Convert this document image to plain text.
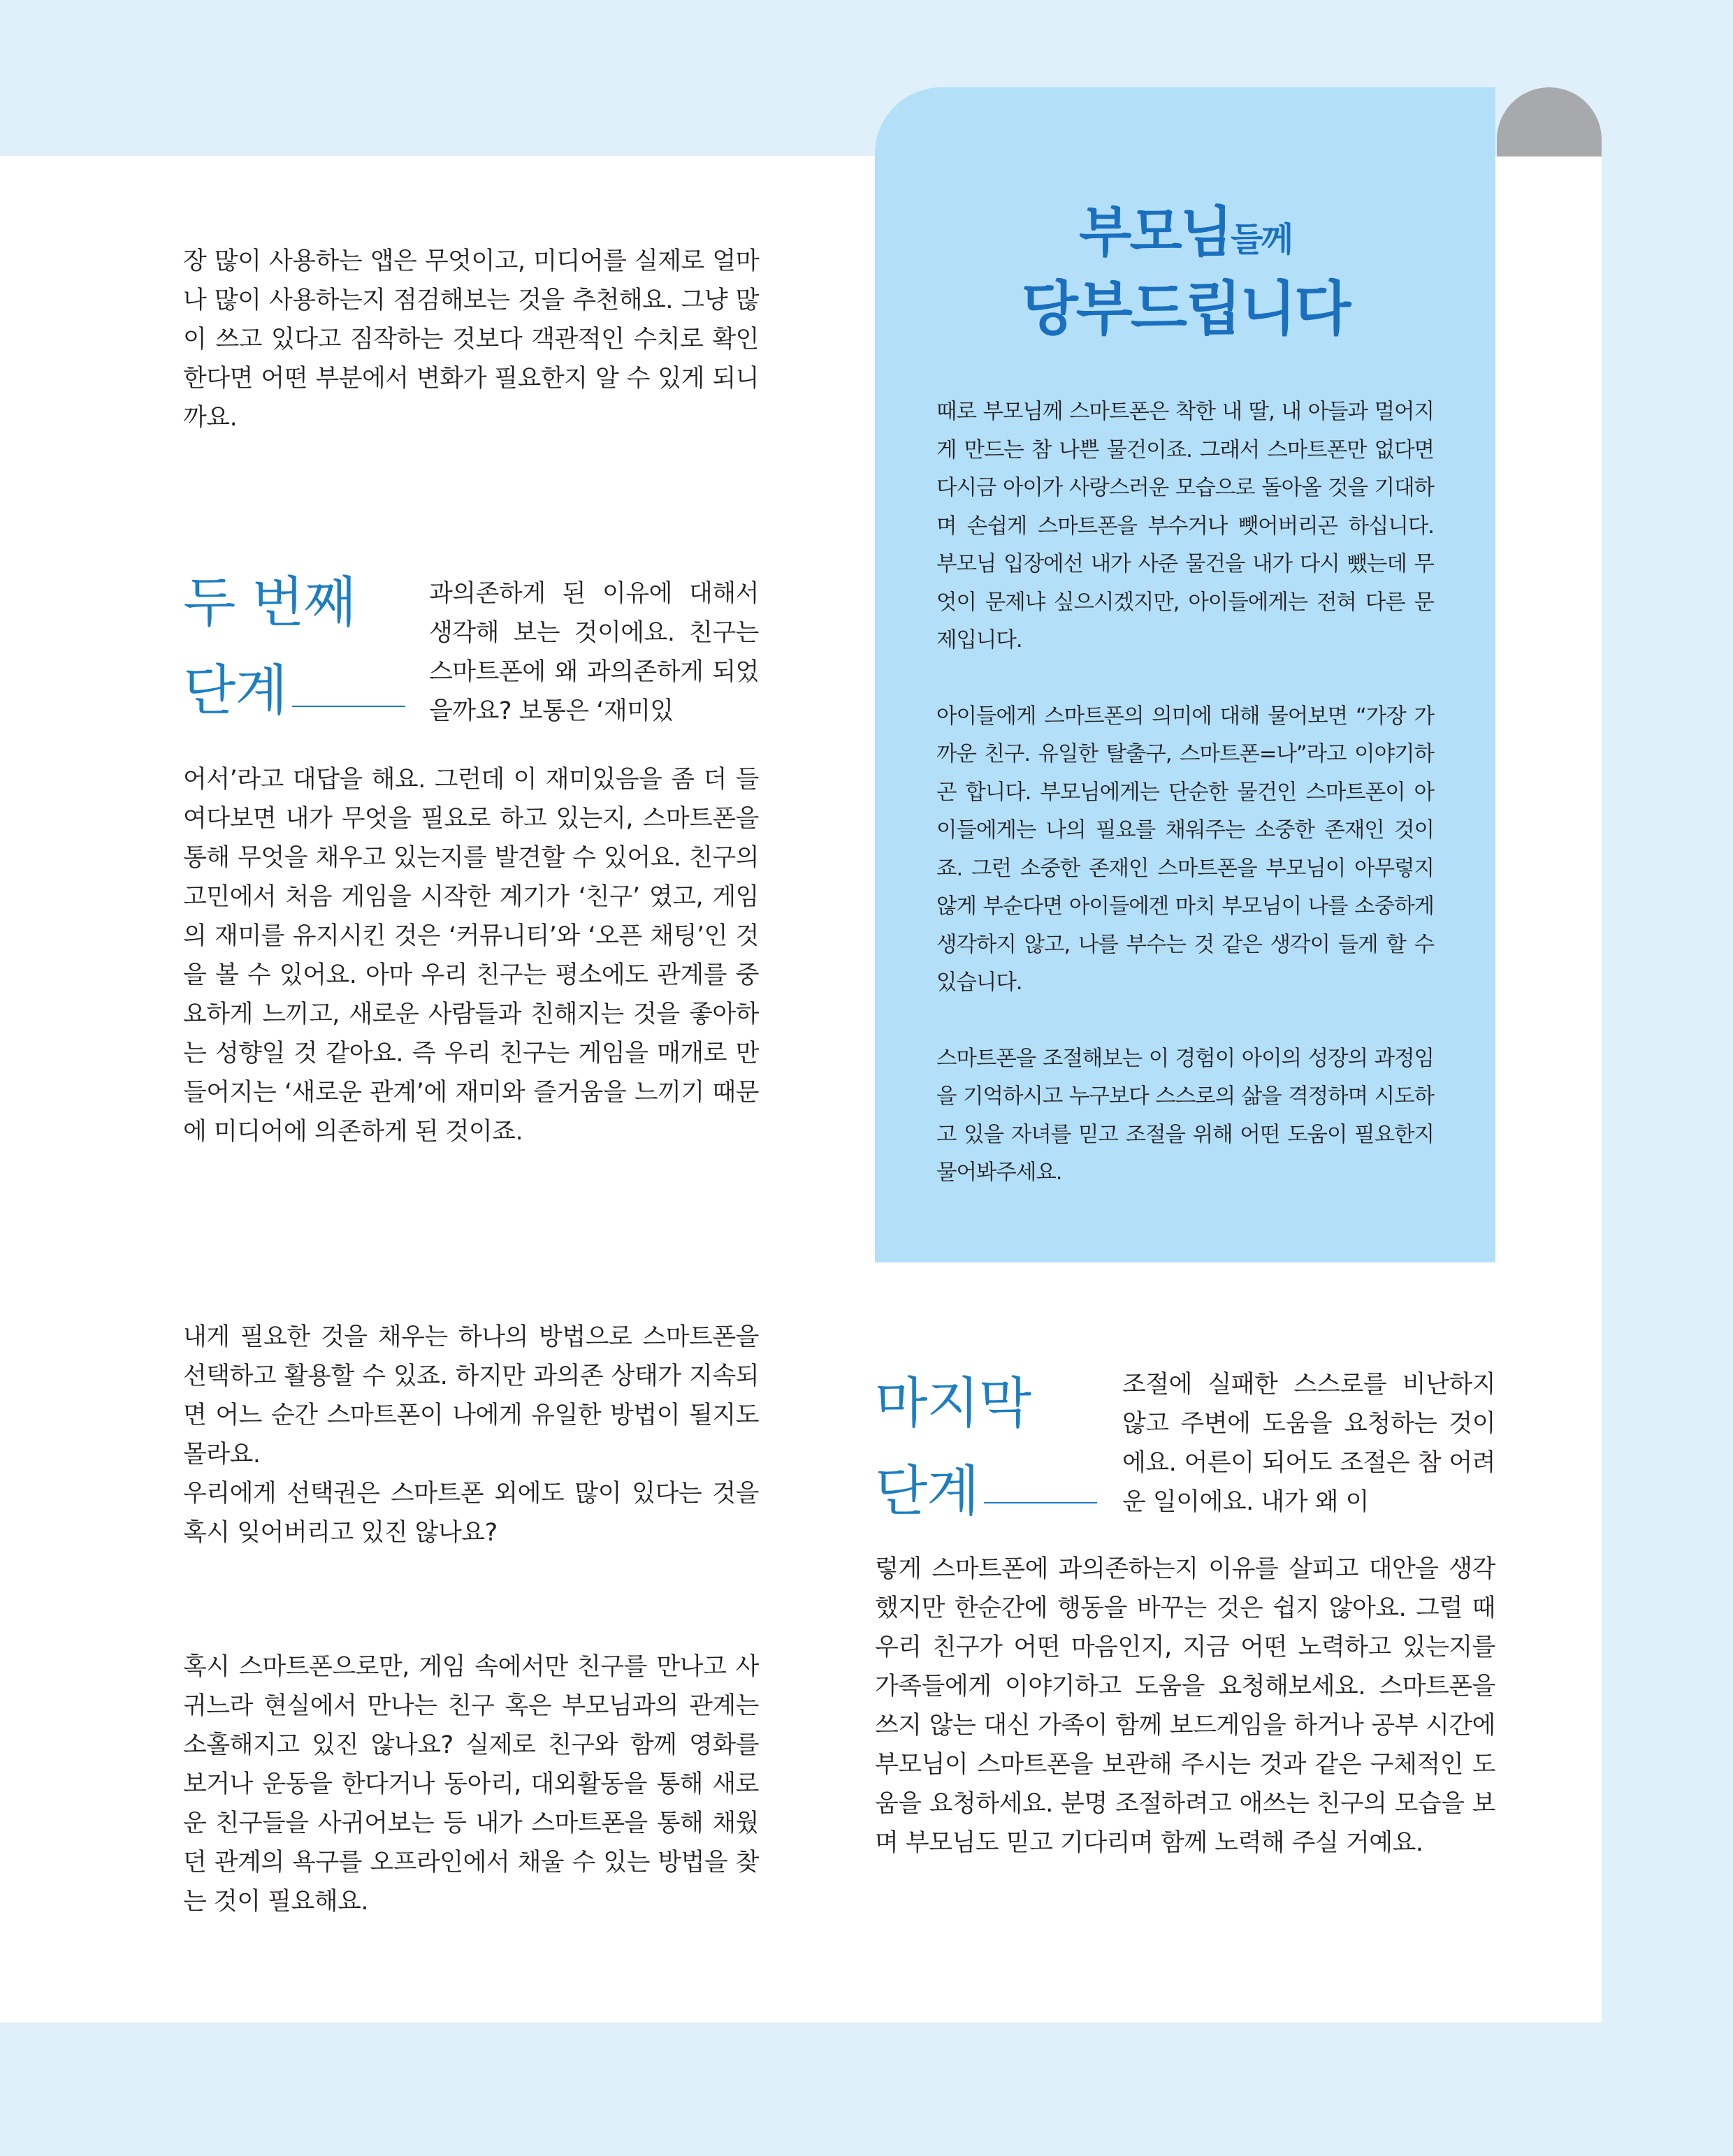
부모님들께
당부드립니다

때로 부모님께 스마트폰은 착한 내 딸, 내 아들과 멀어지게 만드는 참 나쁜 물건이죠. 그래서 스마트폰만 없다면 다시금 아이가 사랑스러운 모습으로 돌아올 것을 기대하며 손쉽게 스마트폰을 부수거나 뺏어버리곤 하십니다. 부모님 입장에선 내가 사준 물건을 내가 다시 뺐는데 무엇이 문제냐 싶으시겠지만, 아이들에게는 전혀 다른 문제입니다.

아이들에게 스마트폰의 의미에 대해 물어보면 “가장 가까운 친구. 유일한 탈출구, 스마트폰=나”라고 이야기하곤 합니다. 부모님에게는 단순한 물건인 스마트폰이 아이들에게는 나의 필요를 채워주는 소중한 존재인 것이죠. 그런 소중한 존재인 스마트폰을 부모님이 아무렇지 않게 부순다면 아이들에겐 마치 부모님이 나를 소중하게 생각하지 않고, 나를 부수는 것 같은 생각이 들게 할 수 있습니다.

스마트폰을 조절해보는 이 경험이 아이의 성장의 과정임을 기억하시고 누구보다 스스로의 삶을 격정하며 시도하고 있을 자녀를 믿고 조절을 위해 어떤 도움이 필요한지 물어봐주세요.

장 많이 사용하는 앱은 무엇이고, 미디어를 실제로 얼마나 많이 사용하는지 점검해보는 것을 추천해요. 그냥 많이 쓰고 있다고 짐작하는 것보다 객관적인 수치로 확인한다면 어떤 부분에서 변화가 필요한지 알 수 있게 되니까요.

두 번째
단계

과의존하게 된 이유에 대해서 생각해 보는 것이에요. 친구는 스마트폰에 왜 과의존하게 되었을까요? 보통은 ‘재미있

어서’라고 대답을 해요. 그런데 이 재미있음을 좀 더 들여다보면 내가 무엇을 필요로 하고 있는지, 스마트폰을 통해 무엇을 채우고 있는지를 발견할 수 있어요. 친구의 고민에서 처음 게임을 시작한 계기가 ‘친구’ 였고, 게임의 재미를 유지시킨 것은 ‘커뮤니티’와 ‘오픈 채팅’인 것을 볼 수 있어요. 아마 우리 친구는 평소에도 관계를 중요하게 느끼고, 새로운 사람들과 친해지는 것을 좋아하는 성향일 것 같아요. 즉 우리 친구는 게임을 매개로 만들어지는 ‘새로운 관계’에 재미와 즐거움을 느끼기 때문에 미디어에 의존하게 된 것이죠.

내게 필요한 것을 채우는 하나의 방법으로 스마트폰을 선택하고 활용할 수 있죠. 하지만 과의존 상태가 지속되면 어느 순간 스마트폰이 나에게 유일한 방법이 될지도 몰라요.

우리에게 선택권은 스마트폰 외에도 많이 있다는 것을 혹시 잊어버리고 있진 않나요?

혹시 스마트폰으로만, 게임 속에서만 친구를 만나고 사귀느라 현실에서 만나는 친구 혹은 부모님과의 관계는 소홀해지고 있진 않나요? 실제로 친구와 함께 영화를 보거나 운동을 한다거나 동아리, 대외활동을 통해 새로운 친구들을 사귀어보는 등 내가 스마트폰을 통해 채웠던 관계의 욕구를 오프라인에서 채울 수 있는 방법을 찾는 것이 필요해요.

마지막
단계

조절에 실패한 스스로를 비난하지 않고 주변에 도움을 요청하는 것이에요. 어른이 되어도 조절은 참 어려운 일이에요. 내가 왜 이

렇게 스마트폰에 과의존하는지 이유를 살피고 대안을 생각했지만 한순간에 행동을 바꾸는 것은 쉽지 않아요. 그럴 때 우리 친구가 어떤 마음인지, 지금 어떤 노력하고 있는지를 가족들에게 이야기하고 도움을 요청해보세요. 스마트폰을 쓰지 않는 대신 가족이 함께 보드게임을 하거나 공부 시간에 부모님이 스마트폰을 보관해 주시는 것과 같은 구체적인 도움을 요청하세요. 분명 조절하려고 애쓰는 친구의 모습을 보며 부모님도 믿고 기다리며 함께 노력해 주실 거예요.
